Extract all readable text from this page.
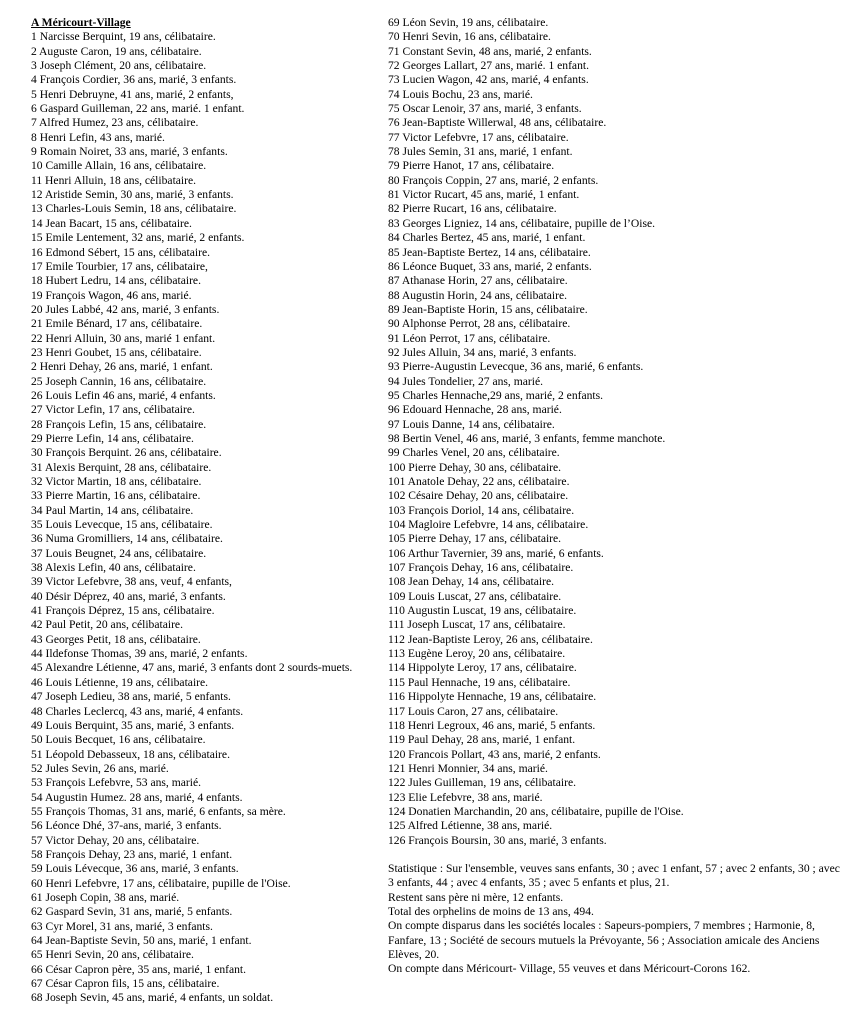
A Méricourt-Village
1 Narcisse Berquint, 19 ans, célibataire.
2 Auguste Caron, 19 ans, célibataire.
3 Joseph Clément, 20 ans, célibataire.
4 François Cordier, 36 ans, marié, 3 enfants.
5 Henri Debruyne, 41 ans, marié, 2 enfants,
6 Gaspard Guilleman, 22 ans, marié. 1 enfant.
7 Alfred Humez, 23 ans, célibataire.
8 Henri Lefin, 43 ans, marié.
9 Romain Noiret, 33 ans, marié, 3 enfants.
10 Camille Allain, 16 ans, célibataire.
11 Henri Alluin, 18 ans, célibataire.
12 Aristide Semin, 30 ans, marié, 3 enfants.
13 Charles-Louis Semin, 18 ans, célibataire.
14 Jean Bacart, 15 ans, célibataire.
15 Emile Lentement, 32 ans, marié, 2 enfants.
16 Edmond Sébert, 15 ans, célibataire.
17 Emile Tourbier, 17 ans, célibataire,
18 Hubert Ledru, 14 ans, célibataire.
19 François Wagon, 46 ans, marié.
20 Jules Labbé, 42 ans, marié, 3 enfants.
21 Emile Bénard, 17 ans, célibataire.
22 Henri Alluin, 30 ans, marié 1 enfant.
23 Henri Goubet, 15 ans, célibataire.
2 Henri Dehay, 26 ans, marié, 1 enfant.
25 Joseph Cannin, 16 ans, célibataire.
26 Louis Lefin 46 ans, marié, 4 enfants.
27 Victor Lefin, 17 ans, célibataire.
28 François Lefin, 15 ans, célibataire.
29 Pierre Lefin, 14 ans, célibataire.
30 François Berquint. 26 ans, célibataire.
31 Alexis Berquint, 28 ans, célibataire.
32 Victor Martin, 18 ans, célibataire.
33 Pierre Martin, 16 ans, célibataire.
34 Paul Martin, 14 ans, célibataire.
35 Louis Levecque, 15 ans, célibataire.
36 Numa Gromilliers, 14 ans, célibataire.
37 Louis Beugnet, 24 ans, célibataire.
38 Alexis Lefin, 40 ans, célibataire.
39 Victor Lefebvre, 38 ans, veuf, 4 enfants,
40 Désir Déprez, 40 ans, marié, 3 enfants.
41 François Déprez, 15 ans, célibataire.
42 Paul Petit, 20 ans, célibataire.
43 Georges Petit, 18 ans, célibataire.
44 Ildefonse Thomas, 39 ans, marié, 2 enfants.
45 Alexandre Létienne, 47 ans, marié, 3 enfants dont 2 sourds-muets.
46 Louis Létienne, 19 ans, célibataire.
47 Joseph Ledieu, 38 ans, marié, 5 enfants.
48 Charles Leclercq, 43 ans, marié, 4 enfants.
49 Louis Berquint, 35 ans, marié, 3 enfants.
50 Louis Becquet, 16 ans, célibataire.
51 Léopold Debasseux, 18 ans, célibataire.
52 Jules Sevin, 26 ans, marié.
53 François Lefebvre, 53 ans, marié.
54 Augustin Humez. 28 ans, marié, 4 enfants.
55 François Thomas, 31 ans, marié, 6 enfants, sa mère.
56 Léonce Dhé, 37-ans, marié, 3 enfants.
57 Victor Dehay, 20 ans, célibataire.
58 François Dehay, 23 ans, marié, 1 enfant.
59 Louis Lévecque, 36 ans, marié, 3 enfants.
60 Henri Lefebvre, 17 ans, célibataire, pupille de l'Oise.
61 Joseph Copin, 38 ans, marié.
62 Gaspard Sevin, 31 ans, marié, 5 enfants.
63 Cyr Morel, 31 ans, marié, 3 enfants.
64 Jean-Baptiste Sevin, 50 ans, marié, 1 enfant.
65 Henri Sevin, 20 ans, célibataire.
66 César Capron père, 35 ans, marié, 1 enfant.
67 César Capron fils, 15 ans, célibataire.
68 Joseph Sevin, 45 ans, marié, 4 enfants, un soldat.
69 Léon Sevin, 19 ans, célibataire.
70 Henri Sevin, 16 ans, célibataire.
71 Constant Sevin, 48 ans, marié, 2 enfants.
72 Georges Lallart, 27 ans, marié. 1 enfant.
73 Lucien Wagon, 42 ans, marié, 4 enfants.
74 Louis Bochu, 23 ans, marié.
75 Oscar Lenoir, 37 ans, marié, 3 enfants.
76 Jean-Baptiste Willerwal, 48 ans, célibataire.
77 Victor Lefebvre, 17 ans, célibataire.
78 Jules Semin, 31 ans, marié, 1 enfant.
79 Pierre Hanot, 17 ans, célibataire.
80 François Coppin, 27 ans, marié, 2 enfants.
81 Victor Rucart, 45 ans, marié, 1 enfant.
82 Pierre Rucart, 16 ans, célibataire.
83 Georges Ligniez, 14 ans, célibataire, pupille de l’Oise.
84 Charles Bertez, 45 ans, marié, 1 enfant.
85 Jean-Baptiste Bertez, 14 ans, célibataire.
86 Léonce Buquet, 33 ans, marié, 2 enfants.
87 Athanase Horin, 27 ans, célibataire.
88 Augustin Horin, 24 ans, célibataire.
89 Jean-Baptiste Horin, 15 ans, célibataire.
90 Alphonse Perrot, 28 ans, célibataire.
91 Léon Perrot, 17 ans, célibataire.
92 Jules Alluin, 34 ans, marié, 3 enfants.
93 Pierre-Augustin Levecque, 36 ans, marié, 6 enfants.
94 Jules Tondelier, 27 ans, marié.
95 Charles Hennache,29 ans, marié, 2 enfants.
96 Edouard Hennache, 28 ans, marié.
97 Louis Danne, 14 ans, célibataire.
98 Bertin Venel, 46 ans, marié, 3 enfants, femme manchote.
99 Charles Venel, 20 ans, célibataire.
100 Pierre Dehay, 30 ans, célibataire.
101 Anatole Dehay, 22 ans, célibataire.
102 Césaire Dehay, 20 ans, célibataire.
103 François Doriol, 14 ans, célibataire.
104 Magloire Lefebvre, 14 ans, célibataire.
105 Pierre Dehay, 17 ans, célibataire.
106 Arthur Tavernier, 39 ans, marié, 6 enfants.
107 François Dehay, 16 ans, célibataire.
108 Jean Dehay, 14 ans, célibataire.
109 Louis Luscat, 27 ans, célibataire.
110 Augustin Luscat, 19 ans, célibataire.
111 Joseph Luscat, 17 ans, célibataire.
112 Jean-Baptiste Leroy, 26 ans, célibataire.
113 Eugène Leroy, 20 ans, célibataire.
114 Hippolyte Leroy, 17 ans, célibataire.
115 Paul Hennache, 19 ans, célibataire.
116 Hippolyte Hennache, 19 ans, célibataire.
117 Louis Caron, 27 ans, célibataire.
118 Henri Legroux, 46 ans, marié, 5 enfants.
119 Paul Dehay, 28 ans, marié, 1 enfant.
120 Francois Pollart, 43 ans, marié, 2 enfants.
121 Henri Monnier, 34 ans, marié.
122 Jules Guilleman, 19 ans, célibataire.
123 Elie Lefebvre, 38 ans, marié.
124 Donatien Marchandin, 20 ans, célibataire, pupille de l'Oise.
125 Alfred Létienne, 38 ans, marié.
126 François Boursin, 30 ans, marié, 3 enfants.
Statistique : Sur l'ensemble, veuves sans enfants, 30 ; avec 1 enfant, 57 ; avec 2 enfants, 30 ; avec 3 enfants, 44 ; avec 4 enfants, 35 ; avec 5 enfants et plus, 21.
Restent sans père ni mère, 12 enfants.
Total des orphelins de moins de 13 ans, 494.
On compte disparus dans les sociétés locales : Sapeurs-pompiers, 7 membres ; Harmonie, 8, Fanfare, 13 ; Société de secours mutuels la Prévoyante, 56 ; Association amicale des Anciens Elèves, 20.
On compte dans Méricourt- Village, 55 veuves et dans Méricourt-Corons 162.
